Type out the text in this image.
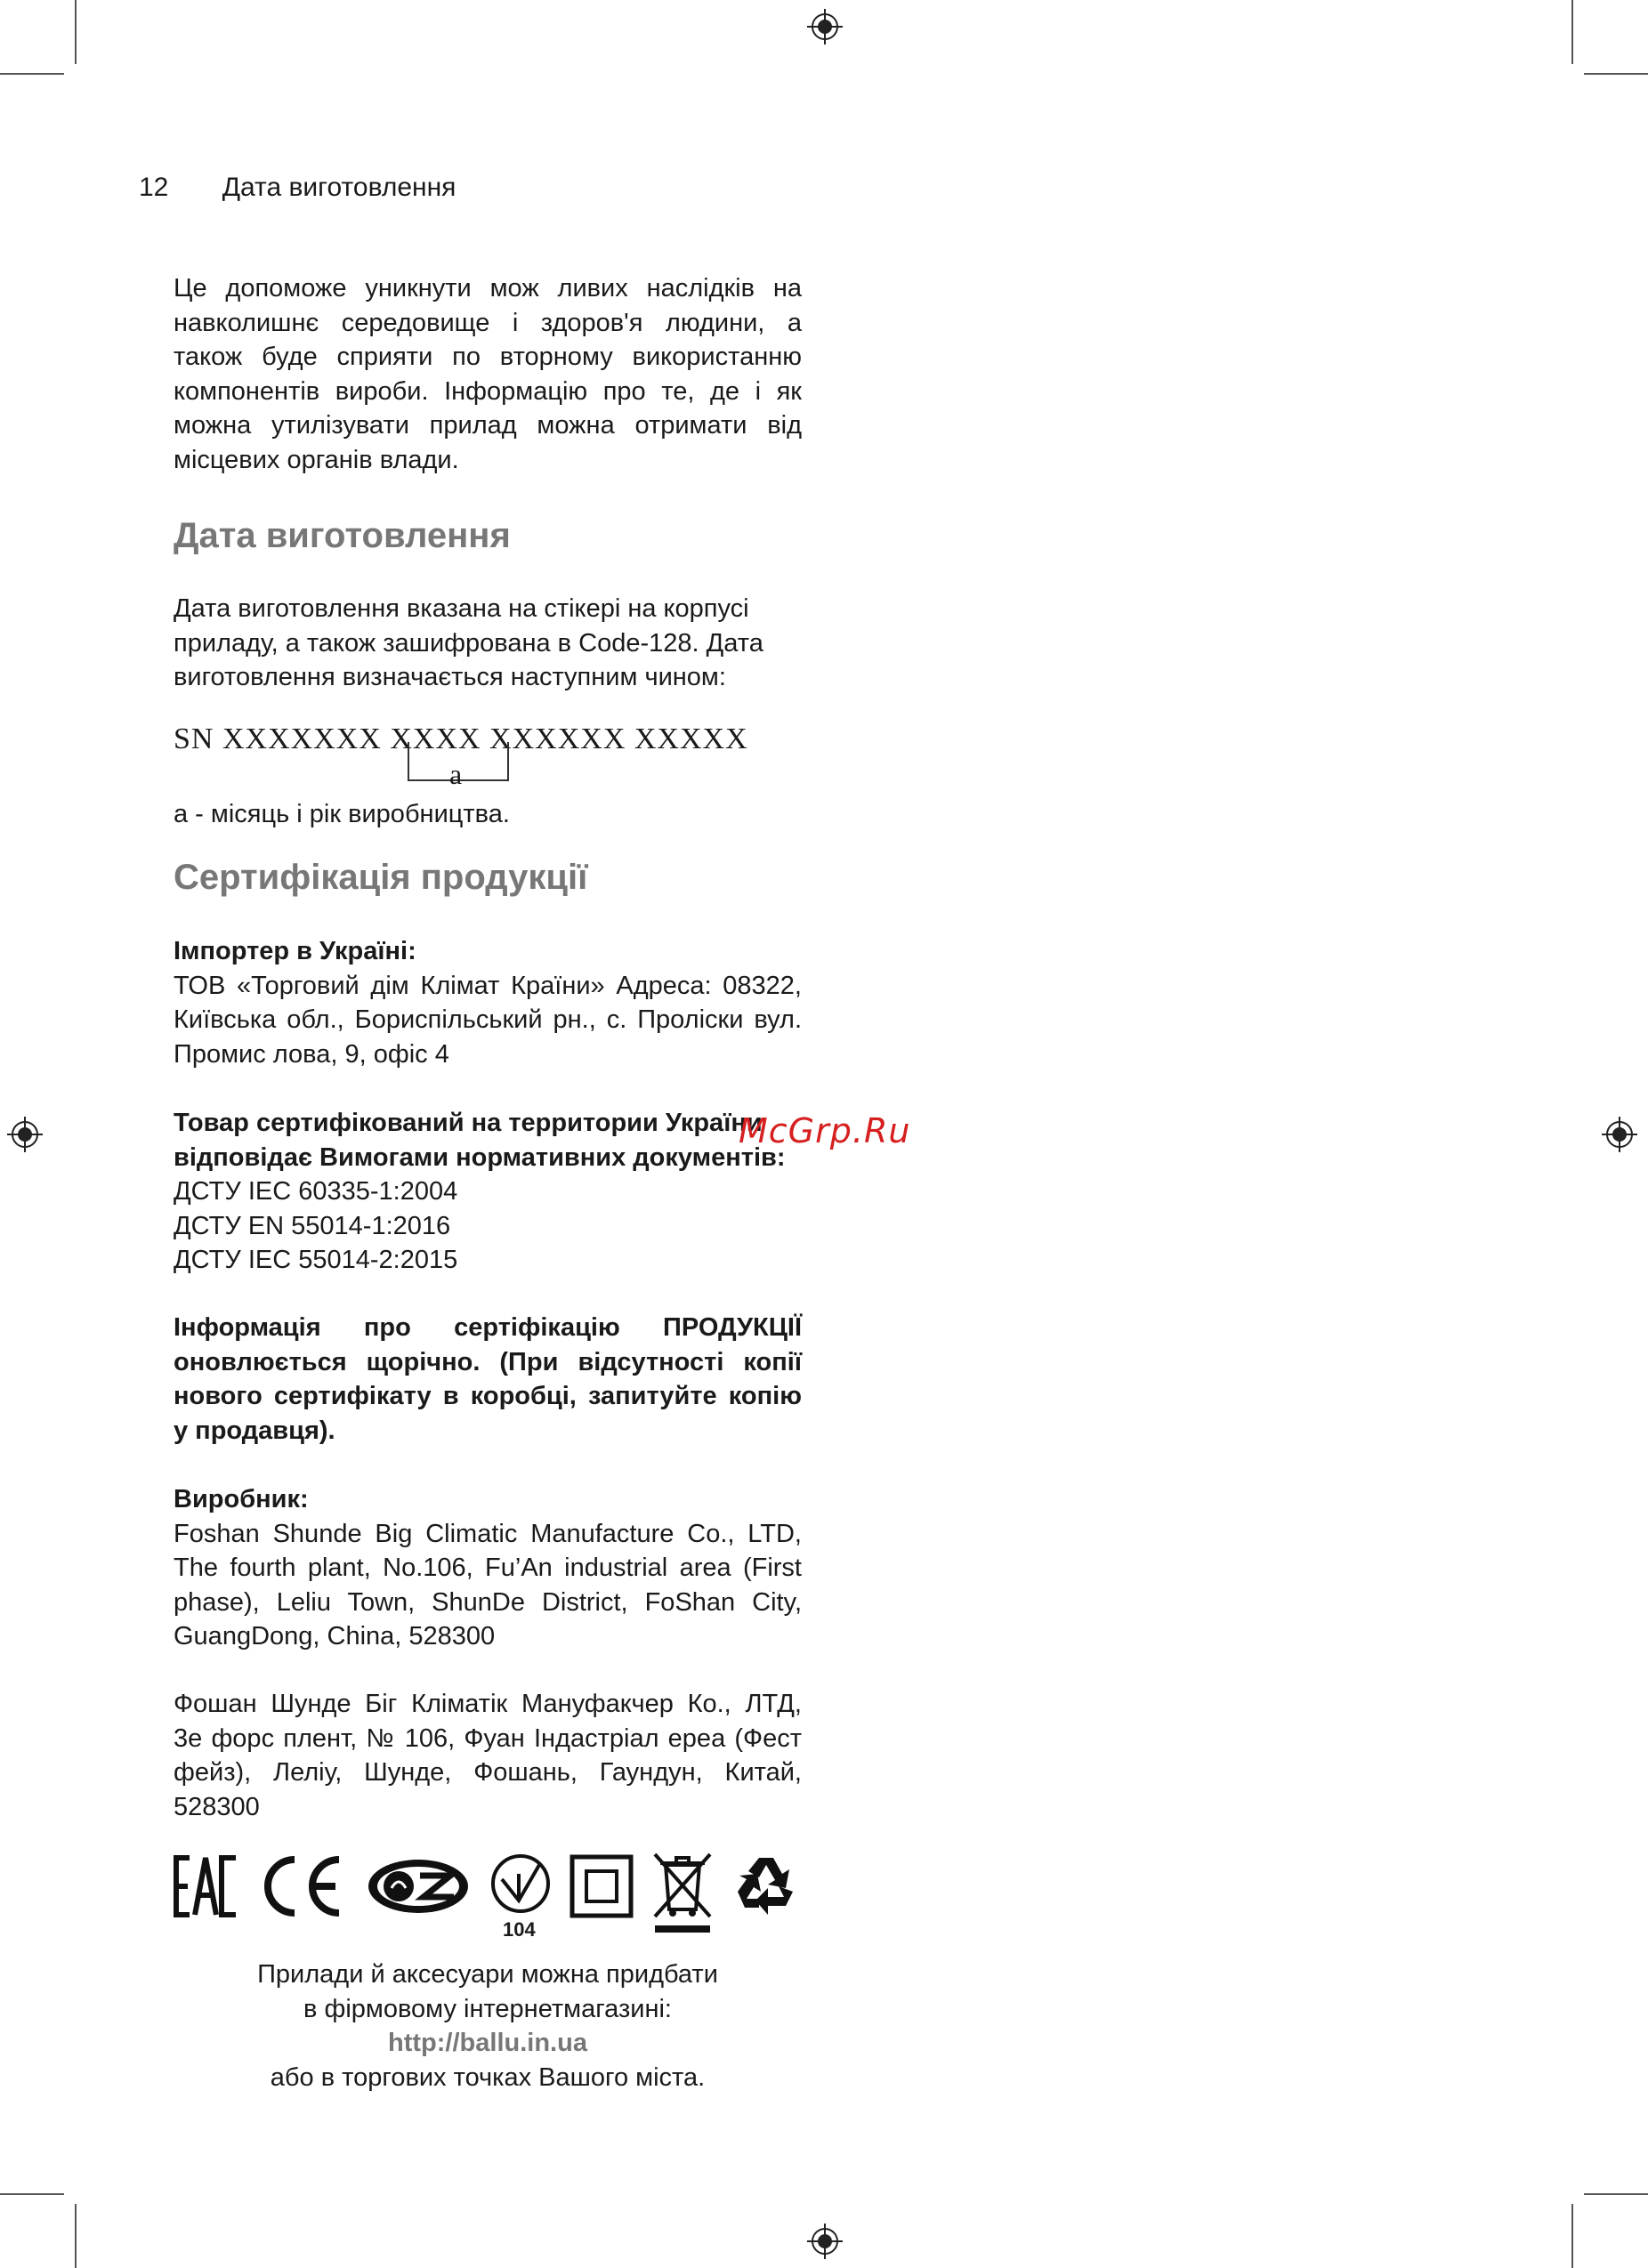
12 Дата виготовлення
Це допоможе уникнути мож ливих наслідків на
навколишнє середовище і здоров'я людини, а
також буде сприяти по вторному використанню
компонентів вироби. Інформацію про те, де і як
можна утилізувати прилад можна отримати від
місцевих органів влади.
Дата виготовлення
Дата виготовлення вказана на стікері на корпусі
приладу, а також зашифрована в Code-128. Дата
виготовлення визначається наступним чином:
SN XXXXXXX XXXX XXXXXX XXXXX
a
а - місяць і рік виробництва.
Сертифікація продукції
Імпортер в Україні:
ТОВ «Торговий дім Клімат Країни» Адреса: 08322,
Київська обл., Бориспільський рн., с. Пролiски вул.
Промис лова, 9, офіс 4
Товар сертифікований на территории України
відповідає Вимогами нормативних документів:
ДСТУ IEC 60335-1:2004
ДСТУ EN 55014-1:2016
ДСТУ IEC 55014-2:2015
Інформація про сертіфікацію ПРОДУКЦІЇ
оновлюється щорічно. (При відсутності копії
нового сертифікату в коробці, запитуйте копію
у продавця).
Виробник:
Foshan Shunde Big Climatic Manufacture Co., LTD,
The fourth plant, No.106, Fu’An industrial area (First
phase), Leliu Town, ShunDe District, FoShan City,
GuangDong, China, 528300
Фошан Шунде Біг Кліматік Мануфакчер Ко., ЛТД,
3е форс плент, № 106, Фуан Індастріал ереа (Фест
фейз), Леліу, Шунде, Фошань, Гаундун, Китай,
528300
104
Прилади й аксесуари можна придбати
в фірмовому інтернетмагазині:
http://ballu.in.ua
або в торгових точках Вашого міста.
McGrp.Ru
